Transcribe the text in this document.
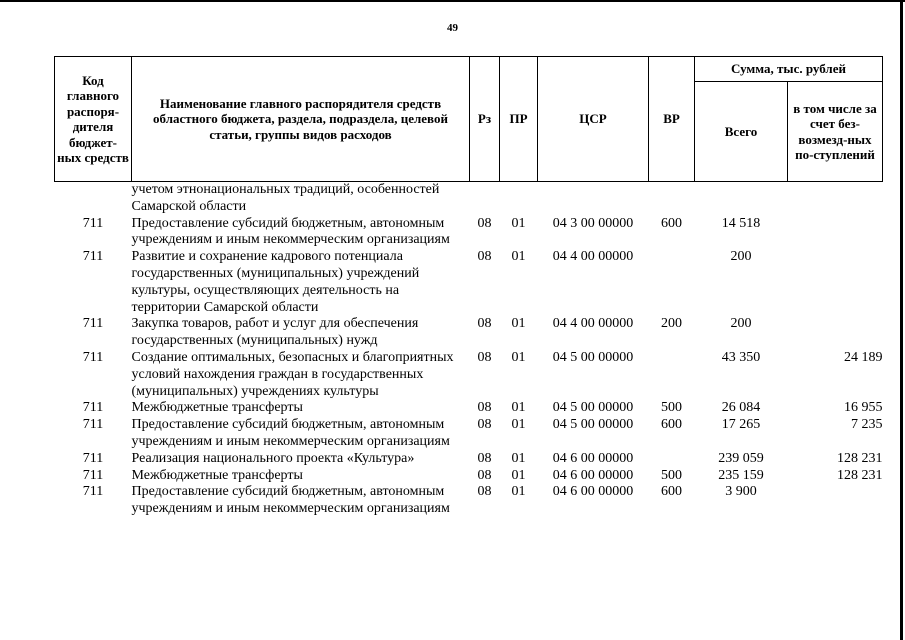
49
Код главного распоря-дителя бюджет-ных средств	Наименование главного распорядителя средств областного бюджета, раздела, подраздела, целевой статьи, группы видов расходов	Рз	ПР	ЦСР	ВР	Сумма, тыс. рублей	
						Всего	в том числе за счет без-возмезд-ных по-ступлений
	учетом этнонациональных традиций, особенностей Самарской области						
711	Предоставление субсидий бюджетным, автономным учреждениям и иным некоммерческим организациям	08	01	04 3 00 00000	600	14 518	
711	Развитие и сохранение кадрового потенциала государственных (муниципальных) учреждений культуры, осуществляющих деятельность на территории Самарской области	08	01	04 4 00 00000		200	
711	Закупка товаров, работ и услуг для обеспечения государственных (муниципальных) нужд	08	01	04 4 00 00000	200	200	
711	Создание оптимальных, безопасных и благоприятных условий нахождения граждан в государственных (муниципальных) учреждениях культуры	08	01	04 5 00 00000		43 350	24 189
711	Межбюджетные трансферты	08	01	04 5 00 00000	500	26 084	16 955
711	Предоставление субсидий бюджетным, автономным учреждениям и иным некоммерческим организациям	08	01	04 5 00 00000	600	17 265	7 235
711	Реализация национального проекта «Культура»	08	01	04 6 00 00000		239 059	128 231
711	Межбюджетные трансферты	08	01	04 6 00 00000	500	235 159	128 231
711	Предоставление субсидий бюджетным, автономным учреждениям и иным некоммерческим организациям	08	01	04 6 00 00000	600	3 900	
